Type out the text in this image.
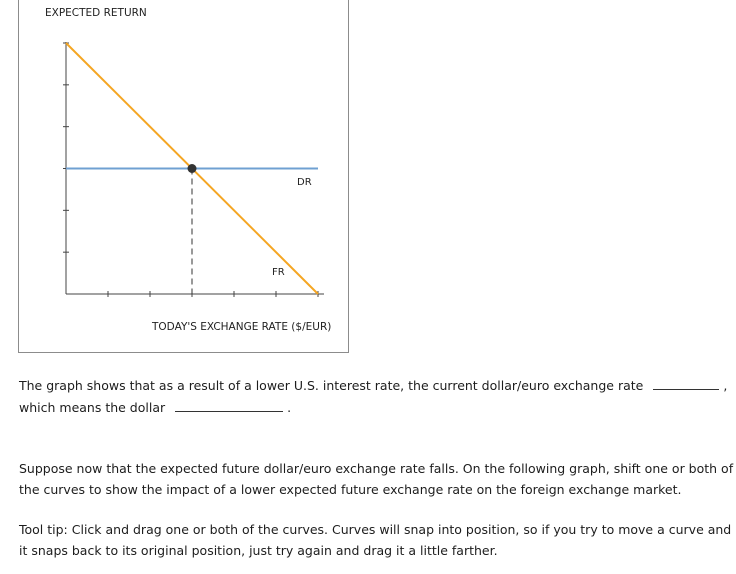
EXPECTED RETURN
TODAY'S EXCHANGE RATE ($/EUR)
DR
FR
The graph shows that as a result of a lower U.S. interest rate, the current dollar/euro exchange rate	,
which means the dollar	.
Suppose now that the expected future dollar/euro exchange rate falls. On the following graph, shift one or both of the curves to show the impact of a lower expected future exchange rate on the foreign exchange market.
Tool tip: Click and drag one or both of the curves. Curves will snap into position, so if you try to move a curve and it snaps back to its original position, just try again and drag it a little farther.
